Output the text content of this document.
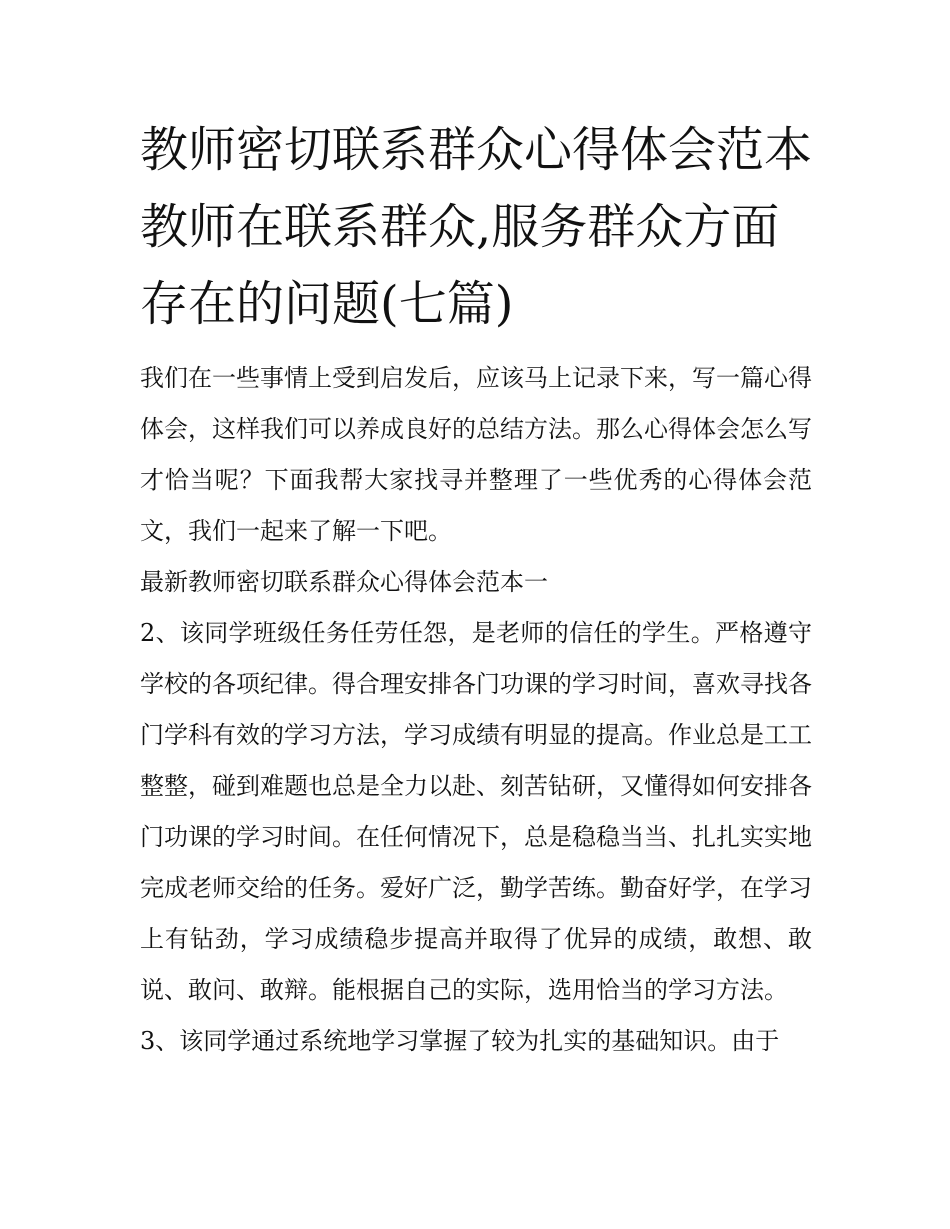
教师密切联系群众心得体会范本 教师在联系群众,服务群众方面存在的问题(七篇)

我们在一些事情上受到启发后，应该马上记录下来，写一篇心得体会，这样我们可以养成良好的总结方法。那么心得体会怎么写才恰当呢？下面我帮大家找寻并整理了一些优秀的心得体会范文，我们一起来了解一下吧。

最新教师密切联系群众心得体会范本一

2、该同学班级任务任劳任怨，是老师的信任的学生。严格遵守学校的各项纪律。得合理安排各门功课的学习时间，喜欢寻找各门学科有效的学习方法，学习成绩有明显的提高。作业总是工工整整，碰到难题也总是全力以赴、刻苦钻研，又懂得如何安排各门功课的学习时间。在任何情况下，总是稳稳当当、扎扎实实地完成老师交给的任务。爱好广泛，勤学苦练。勤奋好学，在学习上有钻劲，学习成绩稳步提高并取得了优异的成绩，敢想、敢说、敢问、敢辩。能根据自己的实际，选用恰当的学习方法。

3、该同学通过系统地学习掌握了较为扎实的基础知识。由于
